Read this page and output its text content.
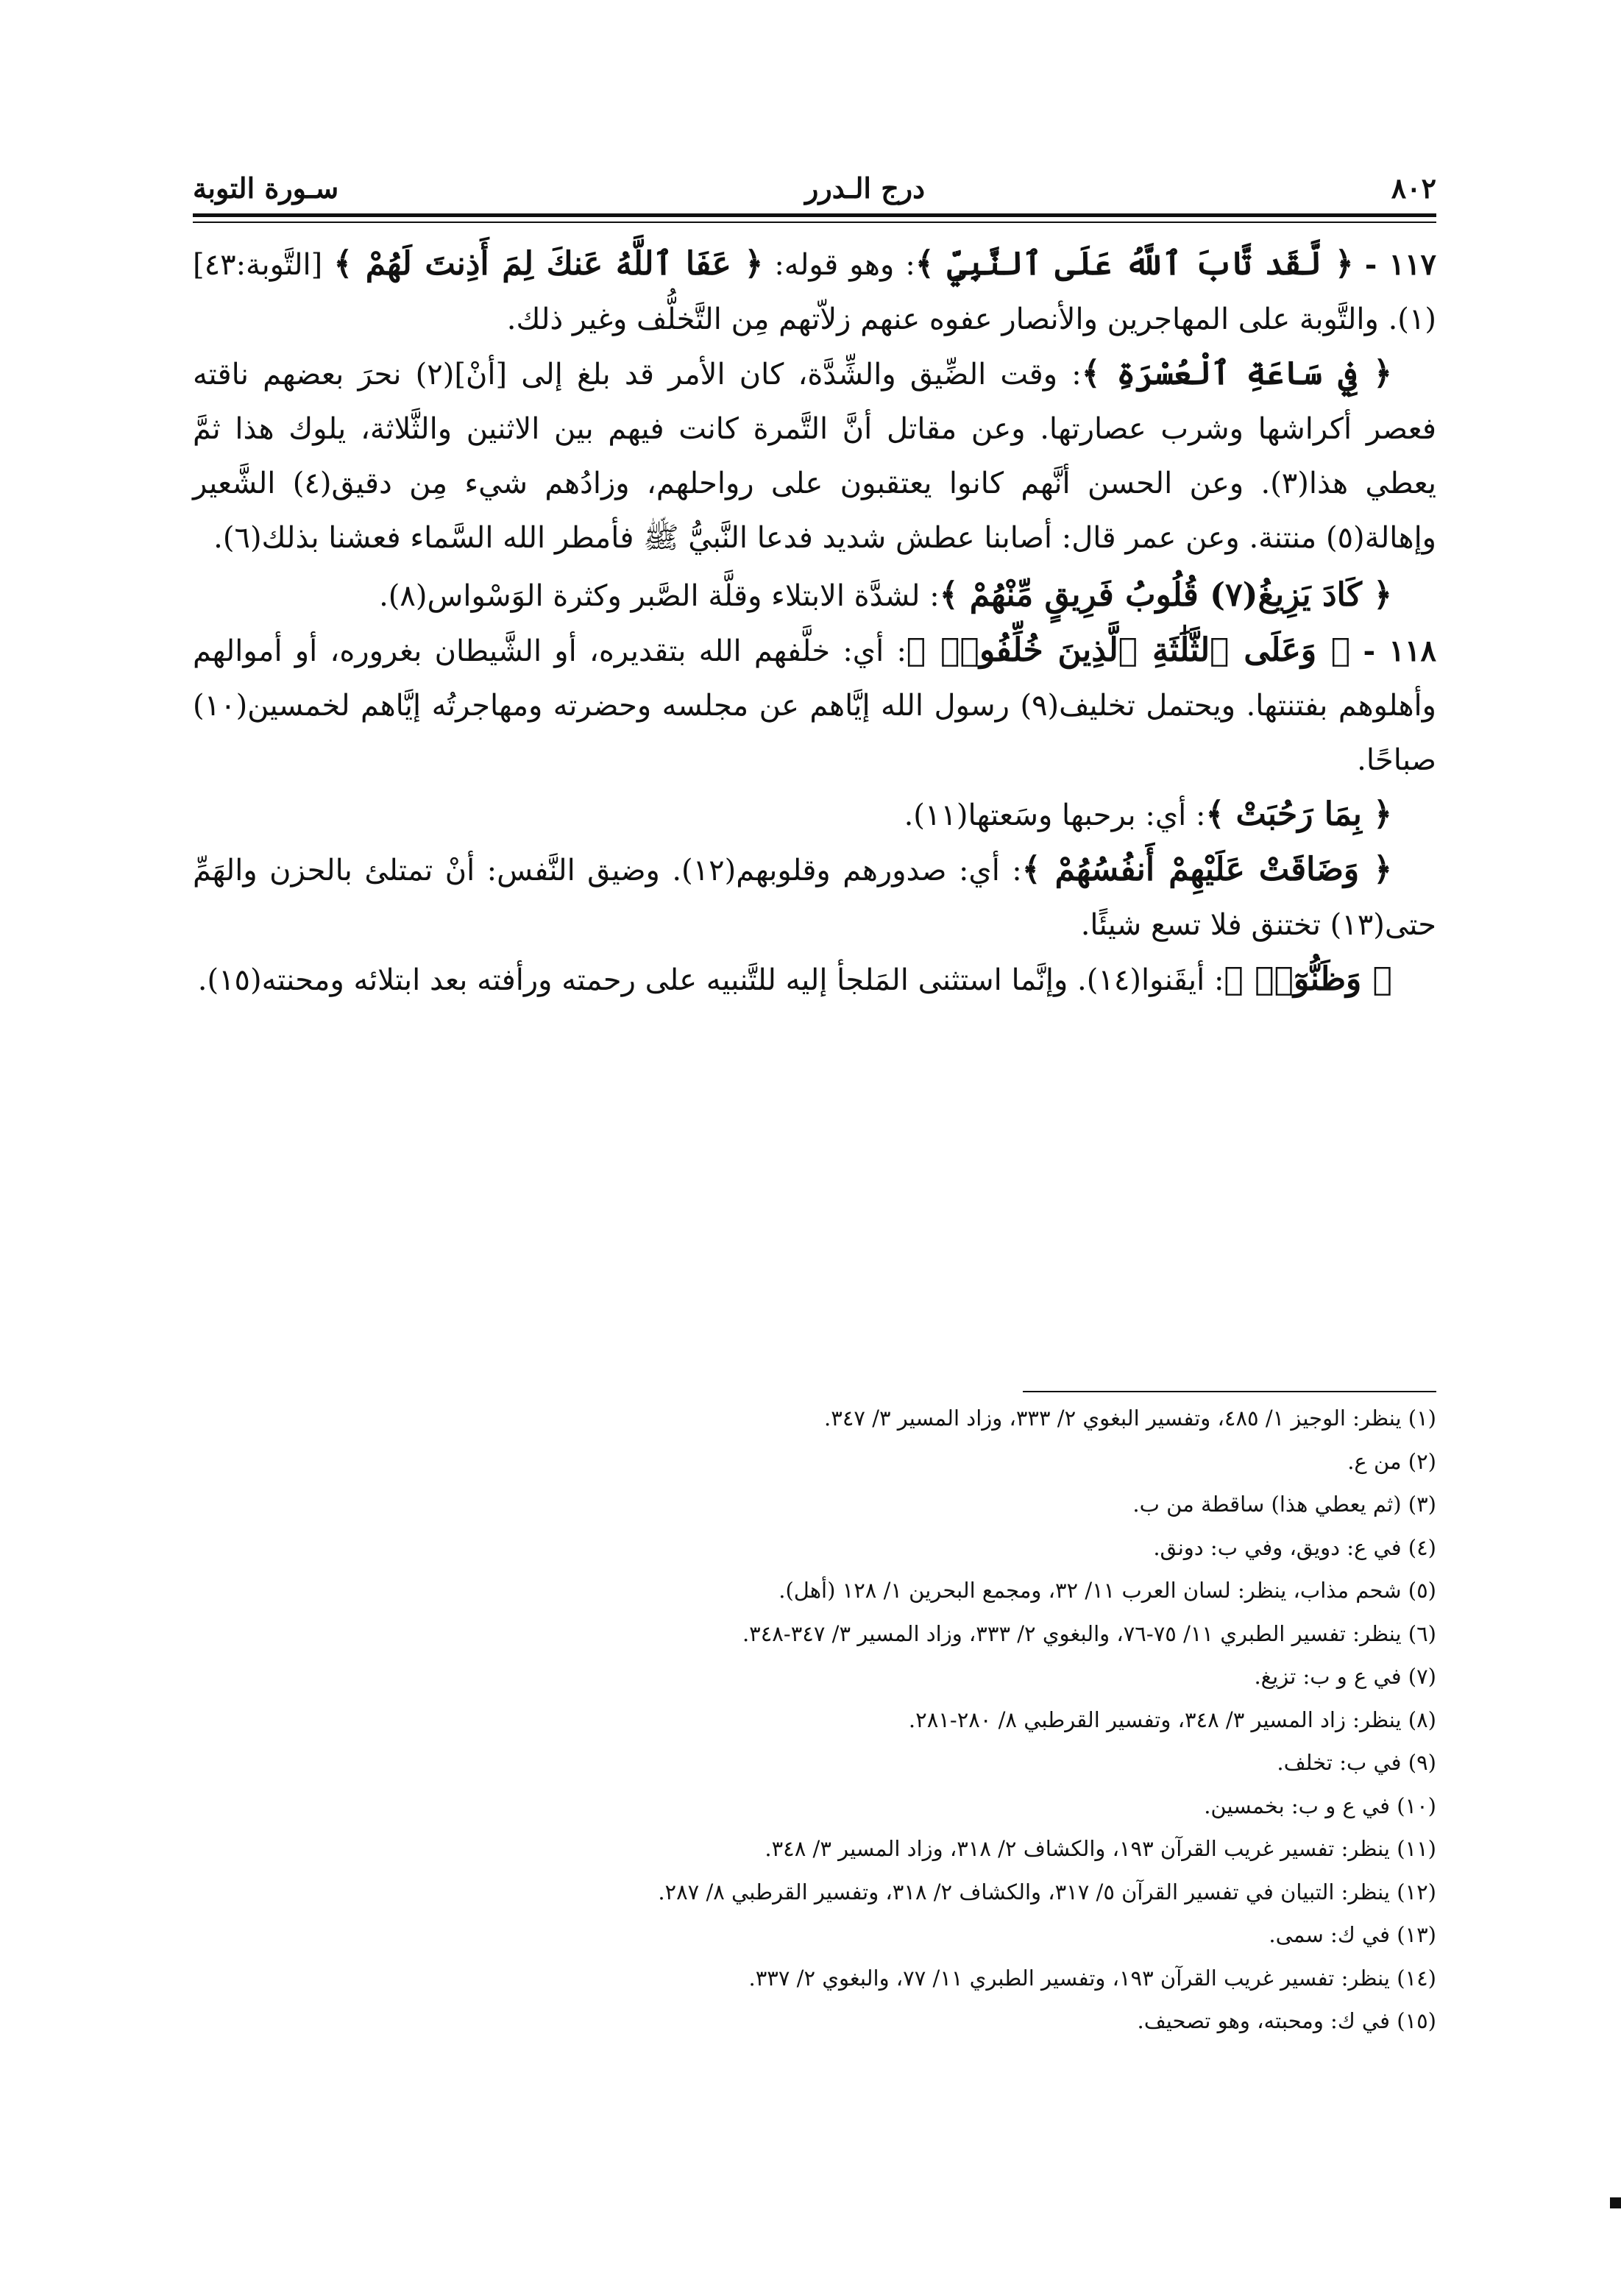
سـورة التوبة	درج الـدرر	٨٠٢

١١٧ - ﴿ لَّقَد تَّابَ ٱللَّهُ عَلَى ٱلنَّبِيِّ ﴾: وهو قوله: ﴿ عَفَا ٱللَّهُ عَنكَ لِمَ أَذِنتَ لَهُمْ ﴾ [التَّوبة:٤٣](١). والتَّوبة على المهاجرين والأنصار عفوه عنهم زلاّتهم مِن التَّخلُّف وغير ذلك.

﴿ فِي سَاعَةِ ٱلْعُسْرَةِ ﴾: وقت الضِّيق والشِّدَّة، كان الأمر قد بلغ إلى [أنْ](٢) نحرَ بعضهم ناقته فعصر أكراشها وشرب عصارتها. وعن مقاتل أنَّ التَّمرة كانت فيهم بين الاثنين والثَّلاثة، يلوك هذا ثمَّ يعطي هذا(٣). وعن الحسن أنَّهم كانوا يعتقبون على رواحلهم، وزادُهم شيء مِن دقيق(٤) الشَّعير وإهالة(٥) منتنة. وعن عمر قال: أصابنا عطش شديد فدعا النَّبيُّ ﷺ فأمطر الله السَّماء فعشنا بذلك(٦).

﴿ كَادَ يَزِيغُ(٧) قُلُوبُ فَرِيقٍ مِّنْهُمْ ﴾: لشدَّة الابتلاء وقلَّة الصَّبر وكثرة الوَسْواس(٨).

١١٨ - ﴿ وَعَلَى ٱلثَّلَٰثَةِ ٱلَّذِينَ خُلِّفُوا۟ ﴾: أي: خلَّفهم الله بتقديره، أو الشَّيطان بغروره، أو أموالهم وأهلوهم بفتنتها. ويحتمل تخليف(٩) رسول الله إيَّاهم عن مجلسه وحضرته ومهاجرتُه إيَّاهم لخمسين(١٠) صباحًا.

﴿ بِمَا رَحُبَتْ ﴾: أي: برحبها وسَعتها(١١).

﴿ وَضَاقَتْ عَلَيْهِمْ أَنفُسُهُمْ ﴾: أي: صدورهم وقلوبهم(١٢). وضيق النَّفس: أنْ تمتلئ بالحزن والهَمِّ حتى(١٣) تختنق فلا تسع شيئًا.

﴿ وَظَنُّوٓا۟ ﴾: أيقَنوا(١٤). وإنَّما استثنى المَلجأ إليه للتَّنبيه على رحمته ورأفته بعد ابتلائه ومحنته(١٥).

(١) ينظر: الوجيز ١/ ٤٨٥، وتفسير البغوي ٢/ ٣٣٣، وزاد المسير ٣/ ٣٤٧.
(٢) من ع.
(٣) (ثم يعطي هذا) ساقطة من ب.
(٤) في ع: دويق، وفي ب: دونق.
(٥) شحم مذاب، ينظر: لسان العرب ١١/ ٣٢، ومجمع البحرين ١/ ١٢٨ (أهل).
(٦) ينظر: تفسير الطبري ١١/ ٧٥-٧٦، والبغوي ٢/ ٣٣٣، وزاد المسير ٣/ ٣٤٧-٣٤٨.
(٧) في ع و ب: تزيغ.
(٨) ينظر: زاد المسير ٣/ ٣٤٨، وتفسير القرطبي ٨/ ٢٨٠-٢٨١.
(٩) في ب: تخلف.
(١٠) في ع و ب: بخمسين.
(١١) ينظر: تفسير غريب القرآن ١٩٣، والكشاف ٢/ ٣١٨، وزاد المسير ٣/ ٣٤٨.
(١٢) ينظر: التبيان في تفسير القرآن ٥/ ٣١٧، والكشاف ٢/ ٣١٨، وتفسير القرطبي ٨/ ٢٨٧.
(١٣) في ك: سمى.
(١٤) ينظر: تفسير غريب القرآن ١٩٣، وتفسير الطبري ١١/ ٧٧، والبغوي ٢/ ٣٣٧.
(١٥) في ك: ومحبته، وهو تصحيف.
